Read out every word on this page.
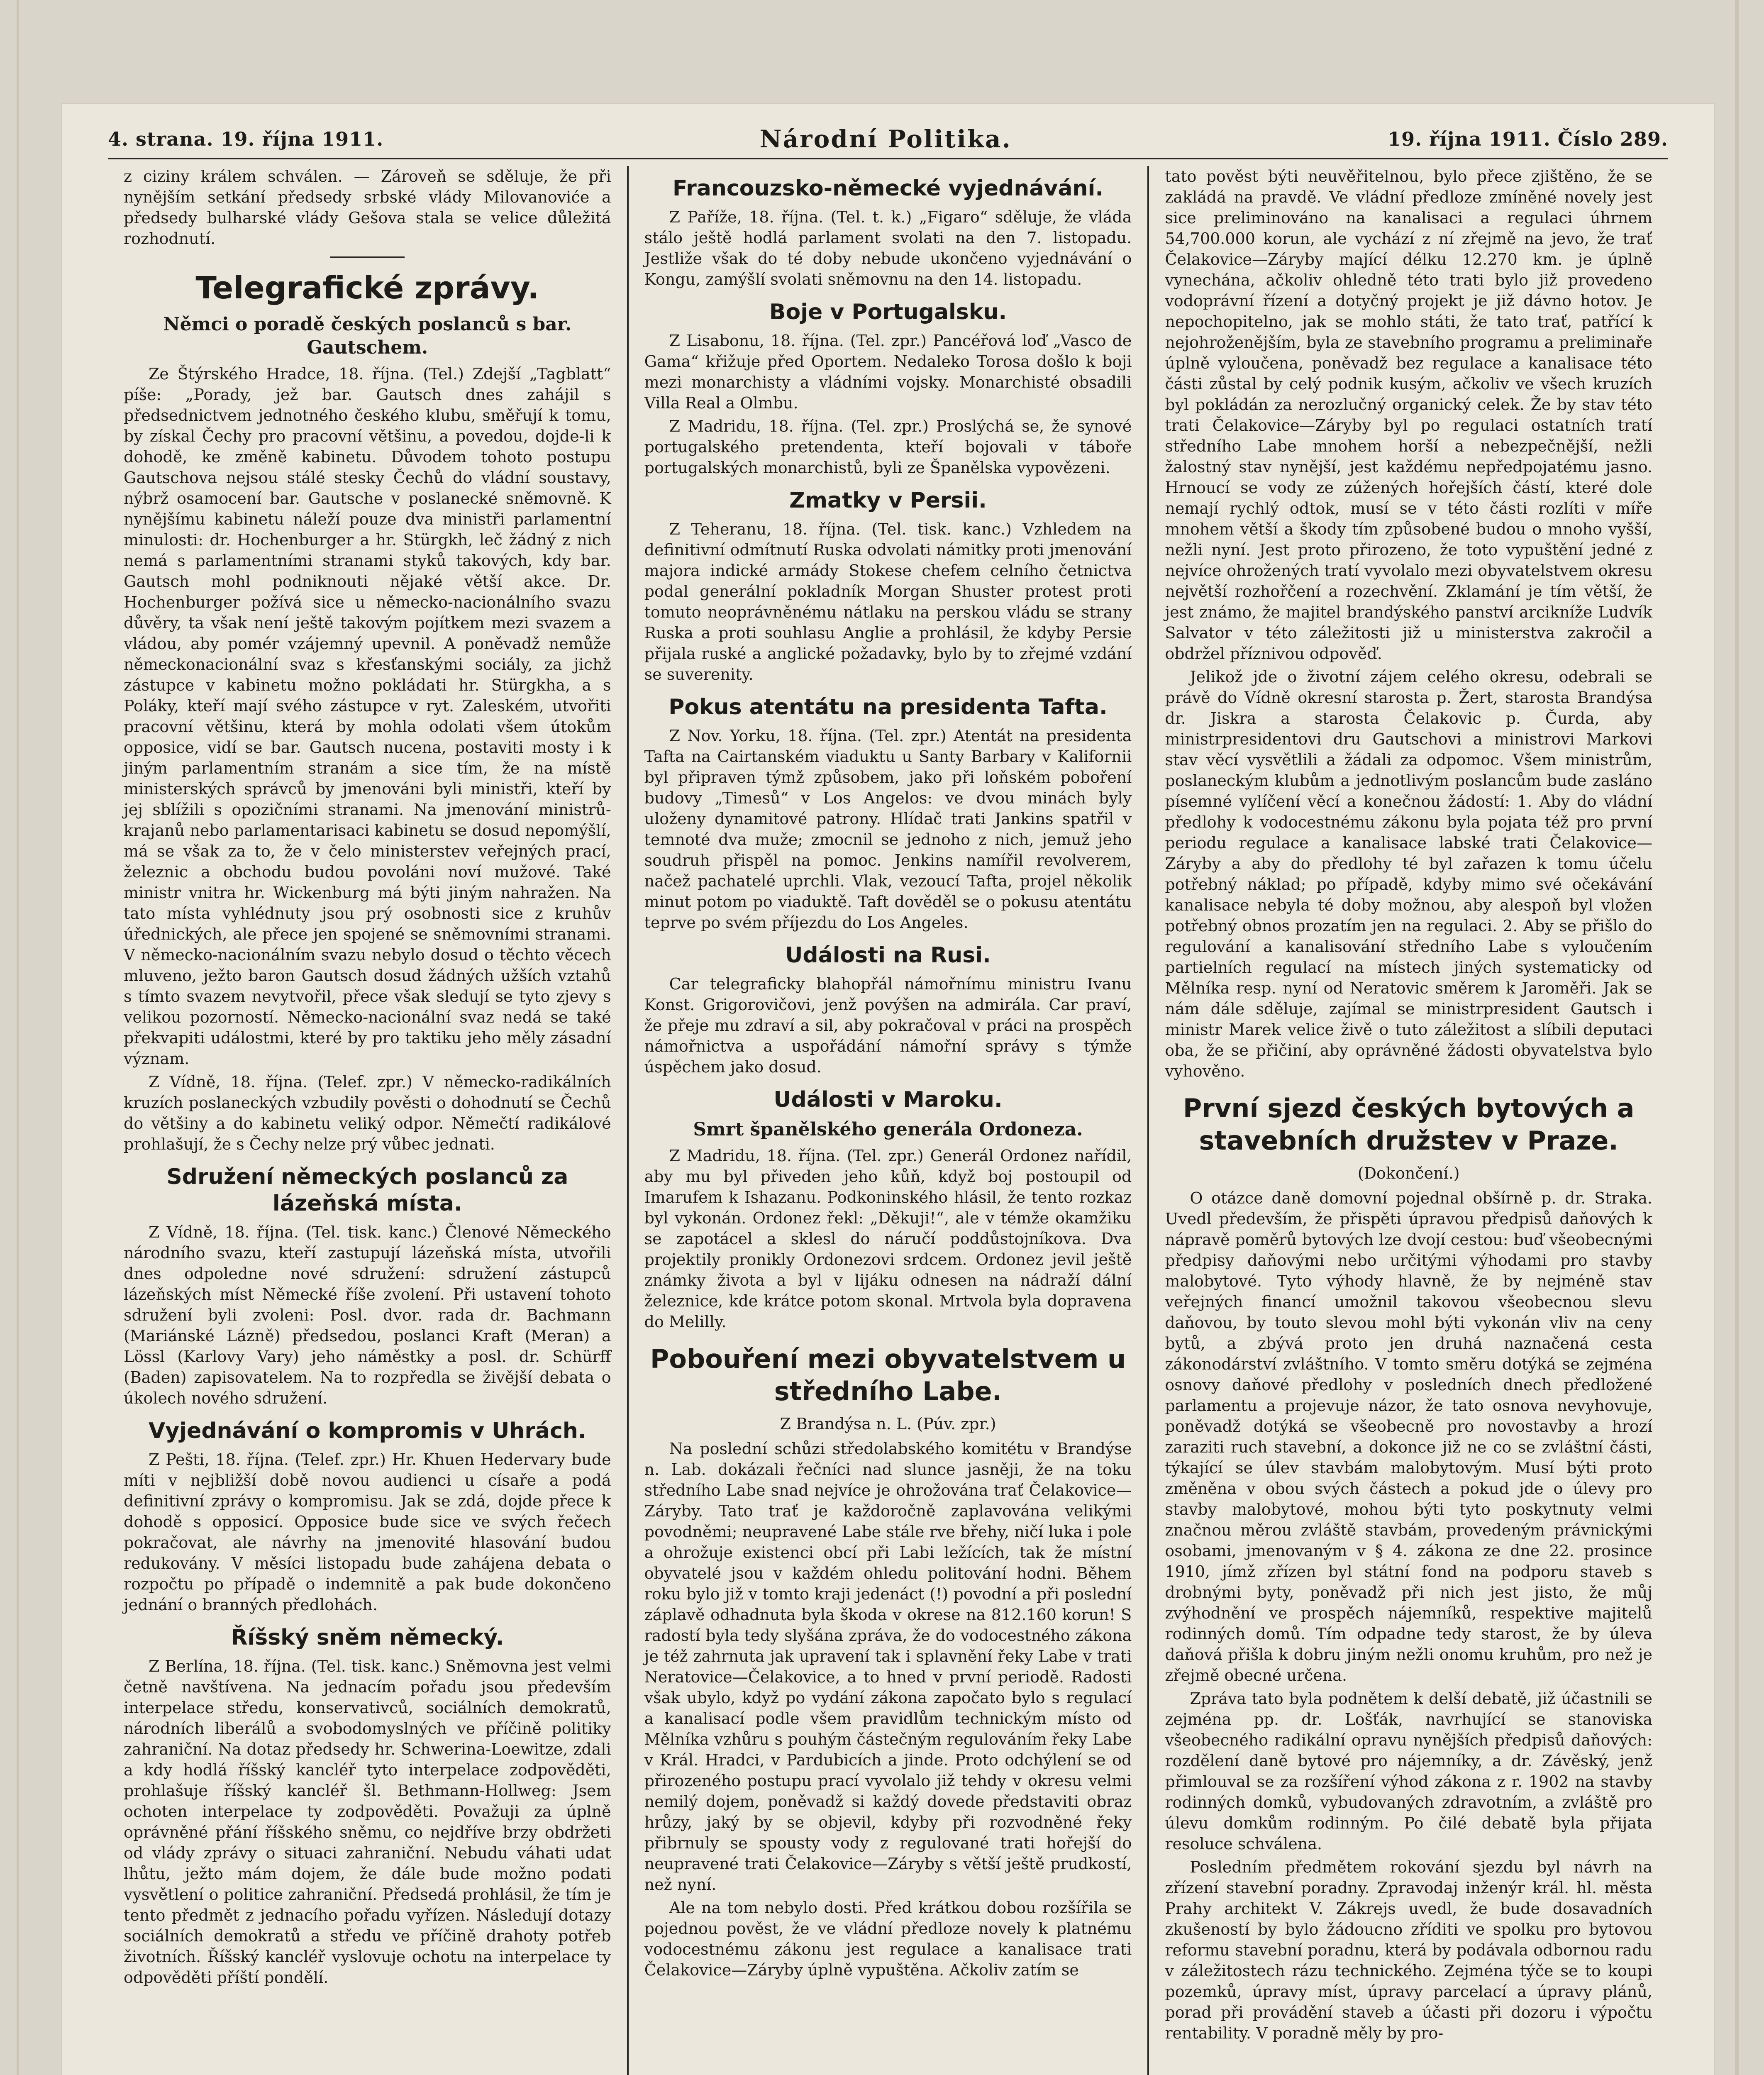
4. strana. 19. října 1911.	Národní Politika.	19. října 1911. Číslo 289.

z ciziny králem schválen. — Zároveň se sděluje, že při nynějším setkání předsedy srbské vlády Milovanoviće a předsedy bulharské vlády Gešova stala se velice důležitá rozhodnutí.

Telegrafické zprávy.
Němci o poradě českých poslanců s bar. Gautschem.

Ze Štýrského Hradce, 18. října. (Tel.) Zdejší „Tagblatt“ píše: „Porady, jež bar. Gautsch dnes zahájil s předsednictvem jednotného českého klubu, směřují k tomu, by získal Čechy pro pracovní většinu, a povedou, dojde-li k dohodě, ke změně kabinetu. Důvodem tohoto postupu Gautschova nejsou stálé stesky Čechů do vládní soustavy, nýbrž osamocení bar. Gautsche v poslanecké sněmovně. K nynějšímu kabinetu náleží pouze dva ministři parlamentní minulosti: dr. Hochenburger a hr. Stürgkh, leč žádný z nich nemá s parlamentními stranami styků takových, kdy bar. Gautsch mohl podniknouti nějaké větší akce. Dr. Hochenburger požívá sice u německo-nacionálního svazu důvěry, ta však není ještě takovým pojítkem mezi svazem a vládou, aby pomér vzájemný upevnil. A poněvadž nemůže německonacionální svaz s křesťanskými sociály, za jichž zástupce v kabinetu možno pokládati hr. Stürgkha, a s Poláky, kteří mají svého zástupce v ryt. Zaleském, utvořiti pracovní většinu, která by mohla odolati všem útokům opposice, vidí se bar. Gautsch nucena, postaviti mosty i k jiným parlamentním stranám a sice tím, že na místě ministerských správců by jmenováni byli ministři, kteří by jej sblížili s opozičními stranami. Na jmenování ministrů-krajanů nebo parlamentarisaci kabinetu se dosud nepomýšlí, má se však za to, že v čelo ministerstev veřejných prací, železnic a obchodu budou povoláni noví mužové. Také ministr vnitra hr. Wickenburg má býti jiným nahražen. Na tato místa vyhlédnuty jsou prý osobnosti sice z kruhův úřednických, ale přece jen spojené se sněmovními stranami. V německo-nacionálním svazu nebylo dosud o těchto věcech mluveno, ježto baron Gautsch dosud žádných užších vztahů s tímto svazem nevytvořil, přece však sledují se tyto zjevy s velikou pozorností. Německo-nacionální svaz nedá se také překvapiti událostmi, které by pro taktiku jeho měly zásadní význam.

Z Vídně, 18. října. (Telef. zpr.) V německo-radikálních kruzích poslaneckých vzbudily pověsti o dohodnutí se Čechů do většiny a do kabinetu veliký odpor. Němečtí radikálové prohlašují, že s Čechy nelze prý vůbec jednati.

Sdružení německých poslanců za lázeňská místa.

Z Vídně, 18. října. (Tel. tisk. kanc.) Členové Německého národního svazu, kteří zastupují lázeňská místa, utvořili dnes odpoledne nové sdružení: sdružení zástupců lázeňských míst Německé říše zvolení. Při ustavení tohoto sdružení byli zvoleni: Posl. dvor. rada dr. Bachmann (Mariánské Lázně) předsedou, poslanci Kraft (Meran) a Lössl (Karlovy Vary) jeho náměstky a posl. dr. Schürff (Baden) zapisovatelem. Na to rozpředla se živější debata o úkolech nového sdružení.

Vyjednávání o kompromis v Uhrách.

Z Pešti, 18. října. (Telef. zpr.) Hr. Khuen Hedervary bude míti v nejbližší době novou audienci u císaře a podá definitivní zprávy o kompromisu. Jak se zdá, dojde přece k dohodě s opposicí. Opposice bude sice ve svých řečech pokračovat, ale návrhy na jmenovité hlasování budou redukovány. V měsíci listopadu bude zahájena debata o rozpočtu po případě o indemnitě a pak bude dokončeno jednání o branných předlohách.

Říšský sněm německý.

Z Berlína, 18. října. (Tel. tisk. kanc.) Sněmovna jest velmi četně navštívena. Na jednacím pořadu jsou především interpelace středu, konservativců, sociálních demokratů, národních liberálů a svobodomyslných ve příčině politiky zahraniční. Na dotaz předsedy hr. Schwerina-Loewitze, zdali a kdy hodlá říšský kancléř tyto interpelace zodpověděti, prohlašuje říšský kancléř šl. Bethmann-Hollweg: Jsem ochoten interpelace ty zodpověděti. Považuji za úplně oprávněné přání říšského sněmu, co nejdříve brzy obdržeti od vlády zprávy o situaci zahraniční. Nebudu váhati udat lhůtu, ježto mám dojem, že dále bude možno podati vysvětlení o politice zahraniční. Předsedá prohlásil, že tím je tento předmět z jednacího pořadu vyřízen. Následují dotazy sociálních demokratů a středu ve příčině drahoty potřeb životních. Říšský kancléř vyslovuje ochotu na interpelace ty odpověděti příští pondělí.

Francouzsko-německé vyjednávání.

Z Paříže, 18. října. (Tel. t. k.) „Figaro“ sděluje, že vláda stálo ještě hodlá parlament svolati na den 7. listopadu. Jestliže však do té doby nebude ukončeno vyjednávání o Kongu, zamýšlí svolati sněmovnu na den 14. listopadu.

Boje v Portugalsku.

Z Lisabonu, 18. října. (Tel. zpr.) Pancéřová loď „Vasco de Gama“ křižuje před Oportem. Nedaleko Torosa došlo k boji mezi monarchisty a vládními vojsky. Monarchisté obsadili Villa Real a Olmbu.

Z Madridu, 18. října. (Tel. zpr.) Proslýchá se, že synové portugalského pretendenta, kteří bojovali v táboře portugalských monarchistů, byli ze Španělska vypovězeni.

Zmatky v Persii.

Z Teheranu, 18. října. (Tel. tisk. kanc.) Vzhledem na definitivní odmítnutí Ruska odvolati námitky proti jmenování majora indické armády Stokese chefem celního četnictva podal generální pokladník Morgan Shuster protest proti tomuto neoprávněnému nátlaku na perskou vládu se strany Ruska a proti souhlasu Anglie a prohlásil, že kdyby Persie přijala ruské a anglické požadavky, bylo by to zřejmé vzdání se suverenity.

Pokus atentátu na presidenta Tafta.

Z Nov. Yorku, 18. října. (Tel. zpr.) Atentát na presidenta Tafta na Cairtanském viaduktu u Santy Barbary v Kalifornii byl připraven týmž způsobem, jako při loňském poboření budovy „Timesů“ v Los Angelos: ve dvou minách byly uloženy dynamitové patrony. Hlídač trati Jankins spatřil v temnoté dva muže; zmocnil se jednoho z nich, jemuž jeho soudruh přispěl na pomoc. Jenkins namířil revolverem, načež pachatelé uprchli. Vlak, vezoucí Tafta, projel několik minut potom po viaduktě. Taft dověděl se o pokusu atentátu teprve po svém příjezdu do Los Angeles.

Události na Rusi.

Car telegraficky blahopřál námořnímu ministru Ivanu Konst. Grigorovičovi, jenž povýšen na admirála. Car praví, že přeje mu zdraví a sil, aby pokračoval v práci na prospěch námořnictva a uspořádání námořní správy s týmže úspěchem jako dosud.

Události v Maroku.
Smrt španělského generála Ordoneza.

Z Madridu, 18. října. (Tel. zpr.) Generál Ordonez nařídil, aby mu byl přiveden jeho kůň, když boj postoupil od Imarufem k Ishazanu. Podkoninského hlásil, že tento rozkaz byl vykonán. Ordonez řekl: „Děkuji!“, ale v témže okamžiku se zapotácel a sklesl do náručí poddůstojníkova. Dva projektily pronikly Ordonezovi srdcem. Ordonez jevil ještě známky života a byl v lijáku odnesen na nádraží dální železnice, kde krátce potom skonal. Mrtvola byla dopravena do Melilly.

Pobouření mezi obyvatelstvem u středního Labe.
Z Brandýsa n. L. (Púv. zpr.)

Na poslední schůzi středolabského komitétu v Brandýse n. Lab. dokázali řečníci nad slunce jasněji, že na toku středního Labe snad nejvíce je ohrožována trať Čelakovice—Záryby. Tato trať je každoročně zaplavována velikými povodněmi; neupravené Labe stále rve břehy, ničí luka i pole a ohrožuje existenci obcí při Labi ležících, tak že místní obyvatelé jsou v každém ohledu politování hodni. Během roku bylo již v tomto kraji jedenáct (!) povodní a při poslední záplavě odhadnuta byla škoda v okrese na 812.160 korun! S radostí byla tedy slyšána zpráva, že do vodocestného zákona je též zahrnuta jak upravení tak i splavnění řeky Labe v trati Neratovice—Čelakovice, a to hned v první periodě. Radosti však ubylo, když po vydání zákona započato bylo s regulací a kanalisací podle všem pravidlům technickým místo od Mělníka vzhůru s pouhým částečným regulováním řeky Labe v Král. Hradci, v Pardubicích a jinde. Proto odchýlení se od přirozeného postupu prací vyvolalo již tehdy v okresu velmi nemilý dojem, poněvadž si každý dovede představiti obraz hrůzy, jaký by se objevil, kdyby při rozvodněné řeky přibrnuly se spousty vody z regulované trati hořejší do neupravené trati Čelakovice—Záryby s větší ještě prudkostí, než nyní.

Ale na tom nebylo dosti. Před krátkou dobou rozšířila se pojednou pověst, že ve vládní předloze novely k platnému vodocestnému zákonu jest regulace a kanalisace trati Čelakovice—Záryby úplně vypuštěna. Ačkoliv zatím se

tato pověst býti neuvěřitelnou, bylo přece zjištěno, že se zakládá na pravdě. Ve vládní předloze zmíněné novely jest sice preliminováno na kanalisaci a regulaci úhrnem 54,700.000 korun, ale vychází z ní zřejmě na jevo, že trať Čelakovice—Záryby mající délku 12.270 km. je úplně vynechána, ačkoliv ohledně této trati bylo již provedeno vodoprávní řízení a dotyčný projekt je již dávno hotov. Je nepochopitelno, jak se mohlo státi, že tato trať, patřící k nejohroženějším, byla ze stavebního programu a preliminaře úplně vyloučena, poněvadž bez regulace a kanalisace této části zůstal by celý podnik kusým, ačkoliv ve všech kruzích byl pokládán za nerozlučný organický celek. Že by stav této trati Čelakovice—Záryby byl po regulaci ostatních tratí středního Labe mnohem horší a nebezpečnější, nežli žalostný stav nynější, jest každému nepředpojatému jasno. Hrnoucí se vody ze zúžených hořejších částí, které dole nemají rychlý odtok, musí se v této části rozlíti v míře mnohem větší a škody tím způsobené budou o mnoho vyšší, nežli nyní. Jest proto přirozeno, že toto vypuštění jedné z nejvíce ohrožených tratí vyvolalo mezi obyvatelstvem okresu největší rozhořčení a rozechvění. Zklamání je tím větší, že jest známo, že majitel brandýského panství arcikníže Ludvík Salvator v této záležitosti již u ministerstva zakročil a obdržel příznivou odpověď.

Jelikož jde o životní zájem celého okresu, odebrali se právě do Vídně okresní starosta p. Žert, starosta Brandýsa dr. Jiskra a starosta Čelakovic p. Čurda, aby ministrpresidentovi dru Gautschovi a ministrovi Markovi stav věcí vysvětlili a žádali za odpomoc. Všem ministrům, poslaneckým klubům a jednotlivým poslancům bude zasláno písemné vylíčení věcí a konečnou žádostí: 1. Aby do vládní předlohy k vodocestnému zákonu byla pojata též pro první periodu regulace a kanalisace labské trati Čelakovice—Záryby a aby do předlohy té byl zařazen k tomu účelu potřebný náklad; po případě, kdyby mimo své očekávání kanalisace nebyla té doby možnou, aby alespoň byl vložen potřebný obnos prozatím jen na regulaci. 2. Aby se přišlo do regulování a kanalisování středního Labe s vyloučením partielních regulací na místech jiných systematicky od Mělníka resp. nyní od Neratovic směrem k Jaroměři. Jak se nám dále sděluje, zajímal se ministrpresident Gautsch i ministr Marek velice živě o tuto záležitost a slíbili deputaci oba, že se přičiní, aby oprávněné žádosti obyvatelstva bylo vyhověno.

První sjezd českých bytových a stavebních družstev v Praze.
(Dokončení.)

O otázce daně domovní pojednal obšírně p. dr. Straka. Uvedl především, že přispěti úpravou předpisů daňových k nápravě poměrů bytových lze dvojí cestou: buď všeobecnými předpisy daňovými nebo určitými výhodami pro stavby malobytové. Tyto výhody hlavně, že by nejméně stav veřejných financí umožnil takovou všeobecnou slevu daňovou, by touto slevou mohl býti vykonán vliv na ceny bytů, a zbývá proto jen druhá naznačená cesta zákonodárství zvláštního. V tomto směru dotýká se zejména osnovy daňové předlohy v posledních dnech předložené parlamentu a projevuje názor, že tato osnova nevyhovuje, poněvadž dotýká se všeobecně pro novostavby a hrozí zaraziti ruch stavební, a dokonce již ne co se zvláštní části, týkající se úlev stavbám malobytovým. Musí býti proto změněna v obou svých částech a pokud jde o úlevy pro stavby malobytové, mohou býti tyto poskytnuty velmi značnou měrou zvláště stavbám, provedeným právnickými osobami, jmenovaným v § 4. zákona ze dne 22. prosince 1910, jímž zřízen byl státní fond na podporu staveb s drobnými byty, poněvadž při nich jest jisto, že můj zvýhodnění ve prospěch nájemníků, respektive majitelů rodinných domů. Tím odpadne tedy starost, že by úleva daňová přišla k dobru jiným nežli onomu kruhům, pro než je zřejmě obecné určena.

Zpráva tato byla podnětem k delší debatě, již účastnili se zejména pp. dr. Lošťák, navrhující se stanoviska všeobecného radikální opravu nynějších předpisů daňových: rozdělení daně bytové pro nájemníky, a dr. Závěský, jenž přimlouval se za rozšíření výhod zákona z r. 1902 na stavby rodinných domků, vybudovaných zdravotním, a zvláště pro úlevu domkům rodinným. Po čilé debatě byla přijata resoluce schválena.

Posledním předmětem rokování sjezdu byl návrh na zřízení stavební poradny. Zpravodaj inženýr král. hl. města Prahy architekt V. Zákrejs uvedl, že bude dosavadních zkušeností by bylo žádoucno zříditi ve spolku pro bytovou reformu stavební poradnu, která by podávala odbornou radu v záležitostech rázu technického. Zejména týče se to koupi pozemků, úpravy míst, úpravy parcelací a úpravy plánů, porad při provádění staveb a účasti při dozoru i výpočtu rentability. V poradně měly by pro-
